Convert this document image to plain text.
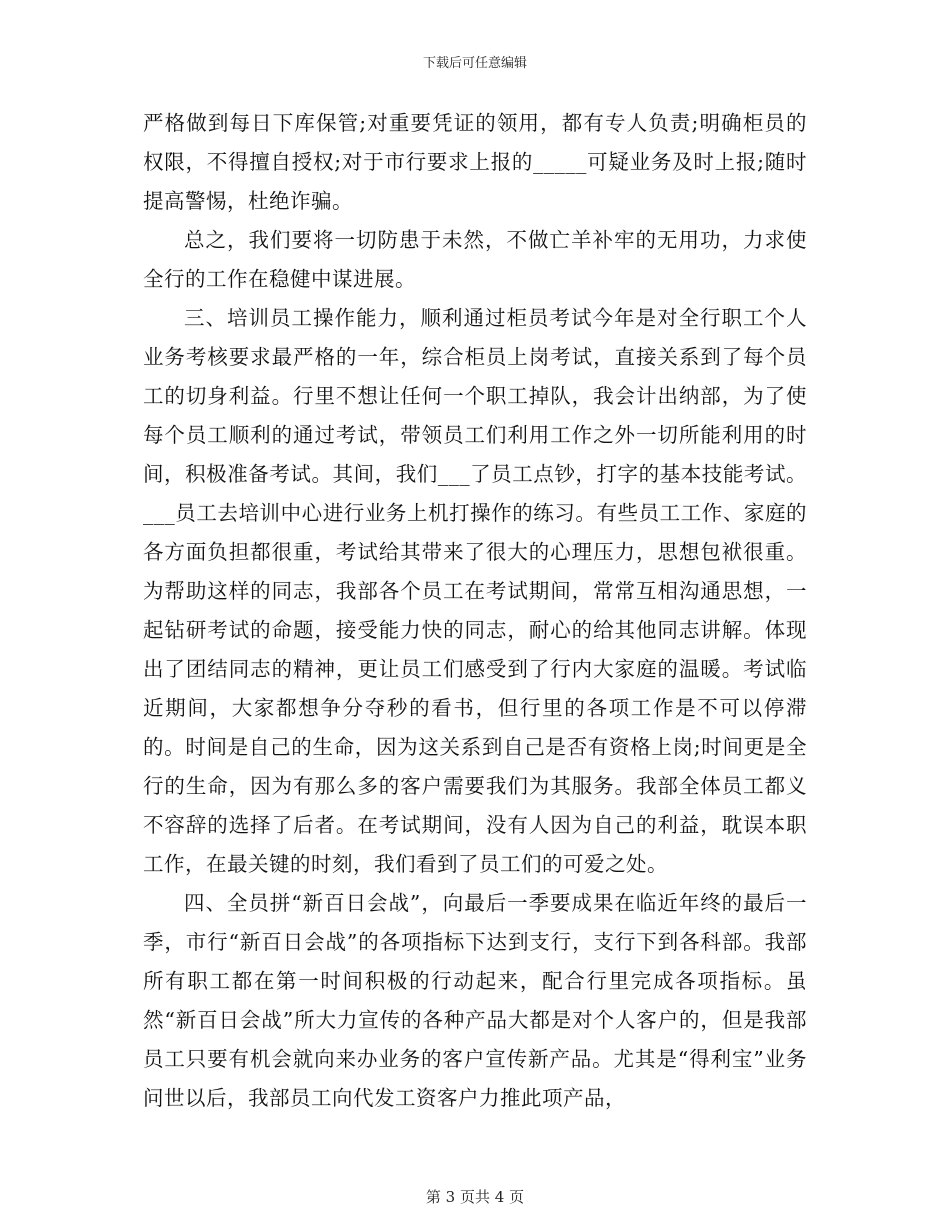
下载后可任意编辑

严格做到每日下库保管;对重要凭证的领用，都有专人负责;明确柜员的权限，不得擅自授权;对于市行要求上报的_____可疑业务及时上报;随时提高警惕，杜绝诈骗。

总之，我们要将一切防患于未然，不做亡羊补牢的无用功，力求使全行的工作在稳健中谋进展。

三、培训员工操作能力，顺利通过柜员考试今年是对全行职工个人业务考核要求最严格的一年，综合柜员上岗考试，直接关系到了每个员工的切身利益。行里不想让任何一个职工掉队，我会计出纳部，为了使每个员工顺利的通过考试，带领员工们利用工作之外一切所能利用的时间，积极准备考试。其间，我们___了员工点钞，打字的基本技能考试。___员工去培训中心进行业务上机打操作的练习。有些员工工作、家庭的各方面负担都很重，考试给其带来了很大的心理压力，思想包袱很重。为帮助这样的同志，我部各个员工在考试期间，常常互相沟通思想，一起钻研考试的命题，接受能力快的同志，耐心的给其他同志讲解。体现出了团结同志的精神，更让员工们感受到了行内大家庭的温暖。考试临近期间，大家都想争分夺秒的看书，但行里的各项工作是不可以停滞的。时间是自己的生命，因为这关系到自己是否有资格上岗;时间更是全行的生命，因为有那么多的客户需要我们为其服务。我部全体员工都义不容辞的选择了后者。在考试期间，没有人因为自己的利益，耽误本职工作，在最关键的时刻，我们看到了员工们的可爱之处。

四、全员拼“新百日会战”，向最后一季要成果在临近年终的最后一季，市行“新百日会战”的各项指标下达到支行，支行下到各科部。我部所有职工都在第一时间积极的行动起来，配合行里完成各项指标。虽然“新百日会战”所大力宣传的各种产品大都是对个人客户的，但是我部员工只要有机会就向来办业务的客户宣传新产品。尤其是“得利宝”业务问世以后，我部员工向代发工资客户力推此项产品，

第 3 页共 4 页
